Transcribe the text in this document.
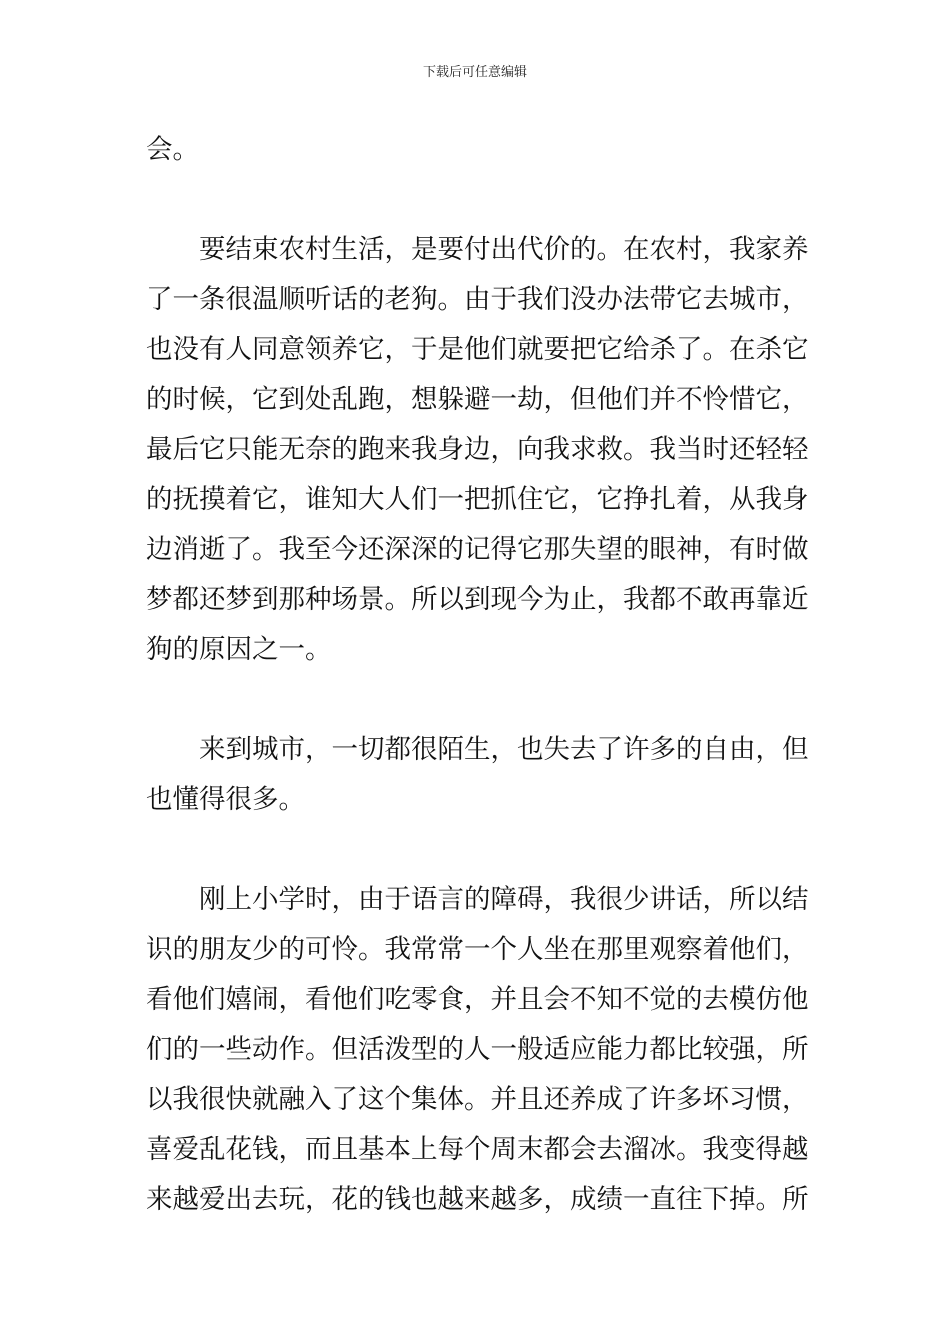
下载后可任意编辑
会。
要结束农村生活，是要付出代价的。在农村，我家养
了一条很温顺听话的老狗。由于我们没办法带它去城市，
也没有人同意领养它，于是他们就要把它给杀了。在杀它
的时候，它到处乱跑，想躲避一劫，但他们并不怜惜它，
最后它只能无奈的跑来我身边，向我求救。我当时还轻轻
的抚摸着它，谁知大人们一把抓住它，它挣扎着，从我身
边消逝了。我至今还深深的记得它那失望的眼神，有时做
梦都还梦到那种场景。所以到现今为止，我都不敢再靠近
狗的原因之一。
来到城市，一切都很陌生，也失去了许多的自由，但
也懂得很多。
刚上小学时，由于语言的障碍，我很少讲话，所以结
识的朋友少的可怜。我常常一个人坐在那里观察着他们，
看他们嬉闹，看他们吃零食，并且会不知不觉的去模仿他
们的一些动作。但活泼型的人一般适应能力都比较强，所
以我很快就融入了这个集体。并且还养成了许多坏习惯，
喜爱乱花钱，而且基本上每个周末都会去溜冰。我变得越
来越爱出去玩，花的钱也越来越多，成绩一直往下掉。所
